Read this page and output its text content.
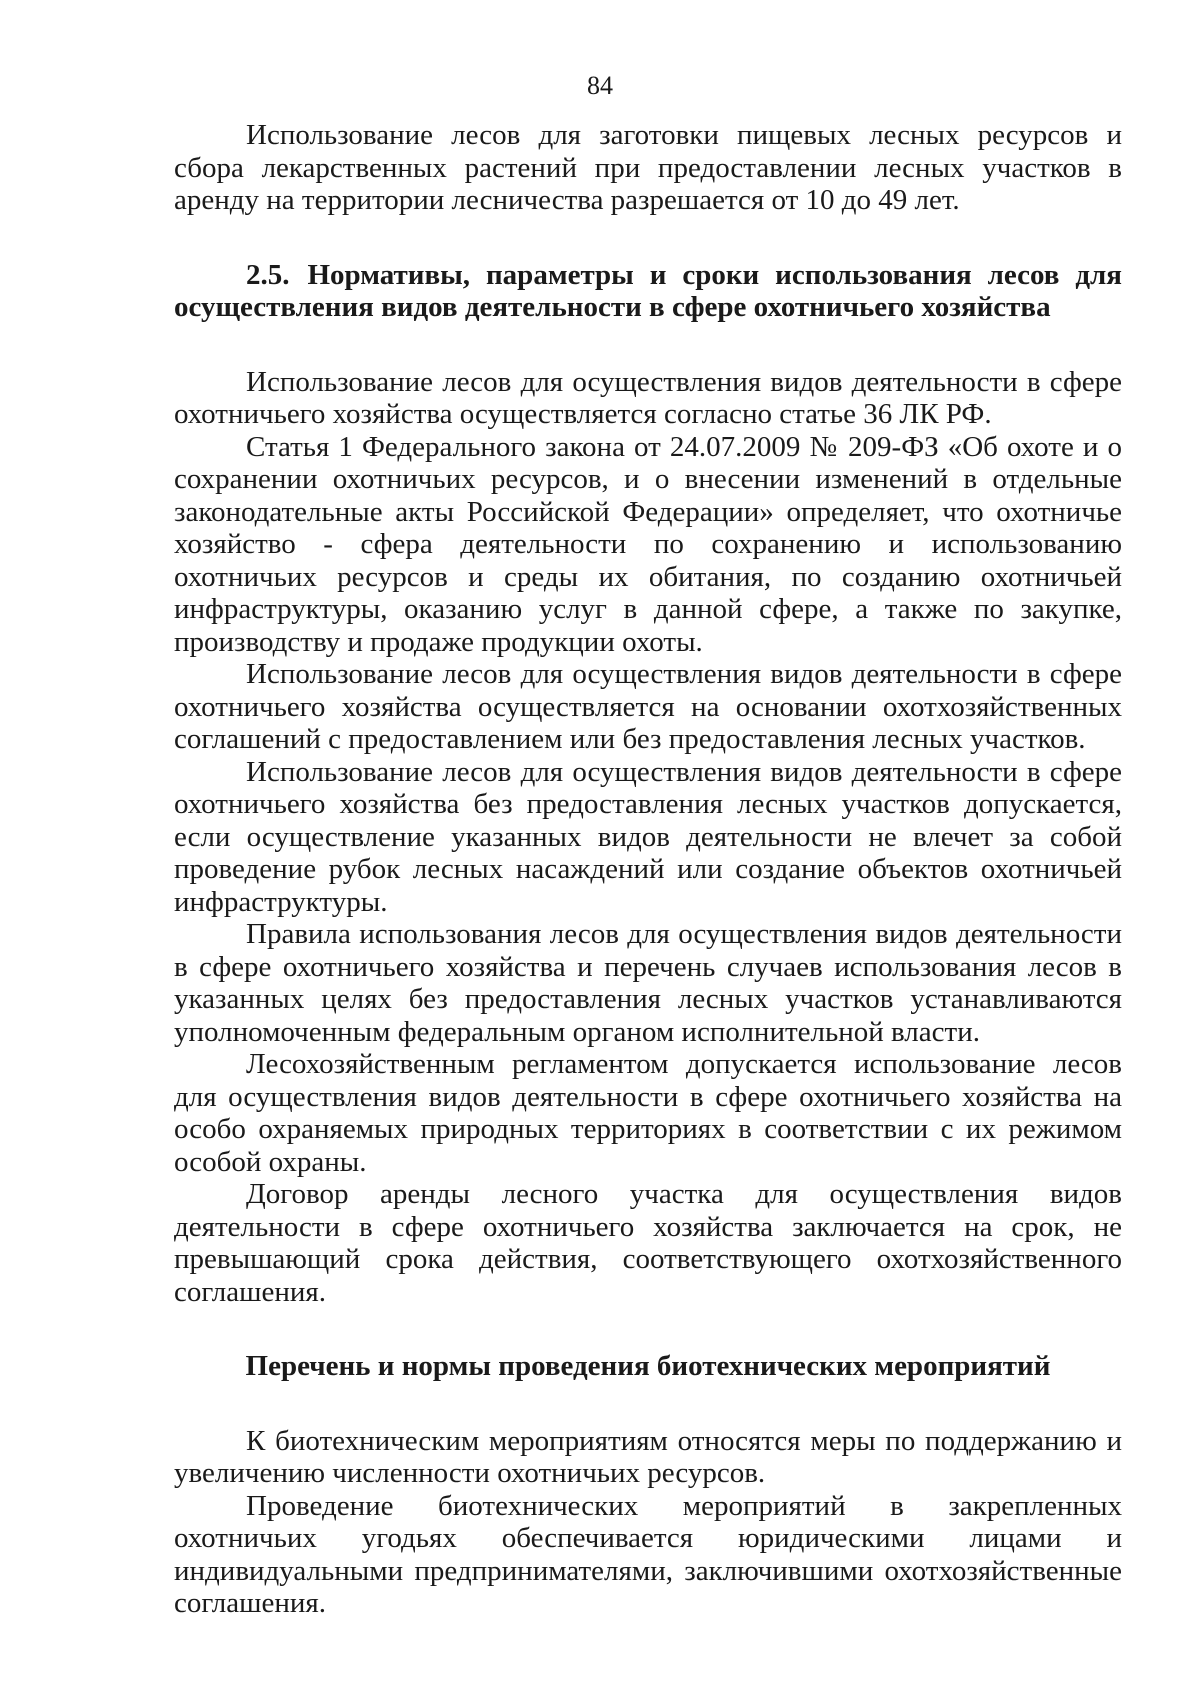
84

Использование лесов для заготовки пищевых лесных ресурсов и сбора лекарственных растений при предоставлении лесных участков в аренду на территории лесничества разрешается от 10 до 49 лет.

2.5. Нормативы, параметры и сроки использования лесов для осуществления видов деятельности в сфере охотничьего хозяйства

Использование лесов для осуществления видов деятельности в сфере охотничьего хозяйства осуществляется согласно статье 36 ЛК РФ.

Статья 1 Федерального закона от 24.07.2009 № 209-ФЗ «Об охоте и о сохранении охотничьих ресурсов, и о внесении изменений в отдельные законодательные акты Российской Федерации» определяет, что охотничье хозяйство - сфера деятельности по сохранению и использованию охотничьих ресурсов и среды их обитания, по созданию охотничьей инфраструктуры, оказанию услуг в данной сфере, а также по закупке, производству и продаже продукции охоты.

Использование лесов для осуществления видов деятельности в сфере охотничьего хозяйства осуществляется на основании охотхозяйственных соглашений с предоставлением или без предоставления лесных участков.

Использование лесов для осуществления видов деятельности в сфере охотничьего хозяйства без предоставления лесных участков допускается, если осуществление указанных видов деятельности не влечет за собой проведение рубок лесных насаждений или создание объектов охотничьей инфраструктуры.

Правила использования лесов для осуществления видов деятельности в сфере охотничьего хозяйства и перечень случаев использования лесов в указанных целях без предоставления лесных участков устанавливаются уполномоченным федеральным органом исполнительной власти.

Лесохозяйственным регламентом допускается использование лесов для осуществления видов деятельности в сфере охотничьего хозяйства на особо охраняемых природных территориях в соответствии с их режимом особой охраны.

Договор аренды лесного участка для осуществления видов деятельности в сфере охотничьего хозяйства заключается на срок, не превышающий срока действия, соответствующего охотхозяйственного соглашения.

Перечень и нормы проведения биотехнических мероприятий

К биотехническим мероприятиям относятся меры по поддержанию и увеличению численности охотничьих ресурсов.

Проведение биотехнических мероприятий в закрепленных охотничьих угодьях обеспечивается юридическими лицами и индивидуальными предпринимателями, заключившими охотхозяйственные соглашения.
